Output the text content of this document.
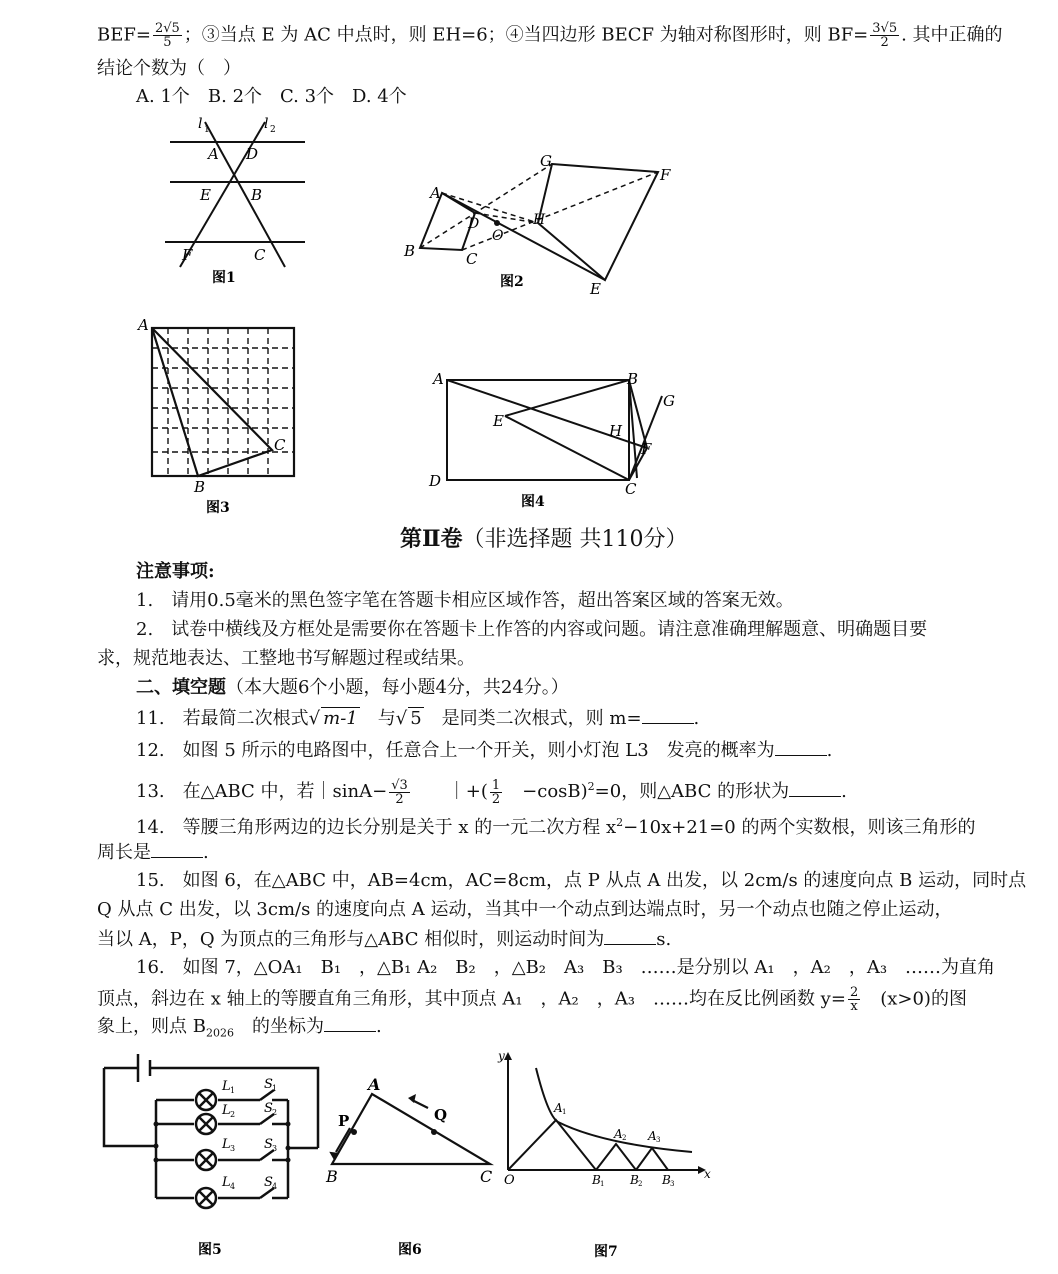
$BEF= \frac{2√5}{5}$ ；③当点 E 为 AC 中点时，则 EH=6；④当四边形 BECF 为轴对称图形时，则 $BF= \frac{3√5}{2}$ . 其中正确的
结论个数为（　）
A. 1个　B. 2个　C. 3个　D. 4个
l 1	l 2
A D
E	B
F	C
图1
G
F
A
D
O
H
B	C
E
图2
A
B
C
图3
A	B
G
E
H
F
D	C
图4
第Ⅱ卷（非选择题 共110分）
注意事项:
1.　请用0.5毫米的黑色签字笔在答题卡相应区域作答，超出答案区域的答案无效。
2.　试卷中横线及方框处是需要你在答题卡上作答的内容或问题。请注意准确理解题意、明确题目要
求，规范地表达、工整地书写解题过程或结果。
二、填空题（本大题6个小题，每小题4分，共24分。）
11.　若最简二次根式√ m-1　 与√ 5　 是同类二次根式，则 m=	.
12.　如图 5 所示的电路图中，任意合上一个开关，则小灯泡 L3　发亮的概率为	.
13.　在△ABC 中，若｜sinA− $\frac{√3}{2}$
　　 ｜+( $\frac{1}{2}$
　 −cosB)$^2$=0，则△ABC 的形状为	.
14.　等腰三角形两边的边长分别是关于 x 的一元二次方程 $x^2-10x+21=0$ 的两个实数根，则该三角形的
周长是	.
15.　如图 6，在△ABC 中，AB=4cm，AC=8cm，点 P 从点 A 出发，以 2cm/s 的速度向点 B 运动，同时点
Q 从点 C 出发，以 3cm/s 的速度向点 A 运动，当其中一个动点到达端点时，另一个动点也随之停止运动，
当以 A，P，Q 为顶点的三角形与△ABC 相似时，则运动时间为	s.
16.　如图 7，△OA₁　B₁　，△B₁ A₂　B₂　，△B₂　A₃　B₃　……是分别以 A₁　，A₂　，A₃　……为直角
顶点，斜边在 x 轴上的等腰直角三角形，其中顶点 A₁　，A₂　，A₃　……均在反比例函数 $y= \frac{2}{x}$
　 (x>0)的图
象上，则点 $B_{2026}$　的坐标为	.
L 1 S 1
L 2 S 2
L 3 S 3
L 4 S 4
图5
A
P	Q
B	C
图6
y
x
O
A 1
A 2 A 3
B 1 B 2 B 3
图7
